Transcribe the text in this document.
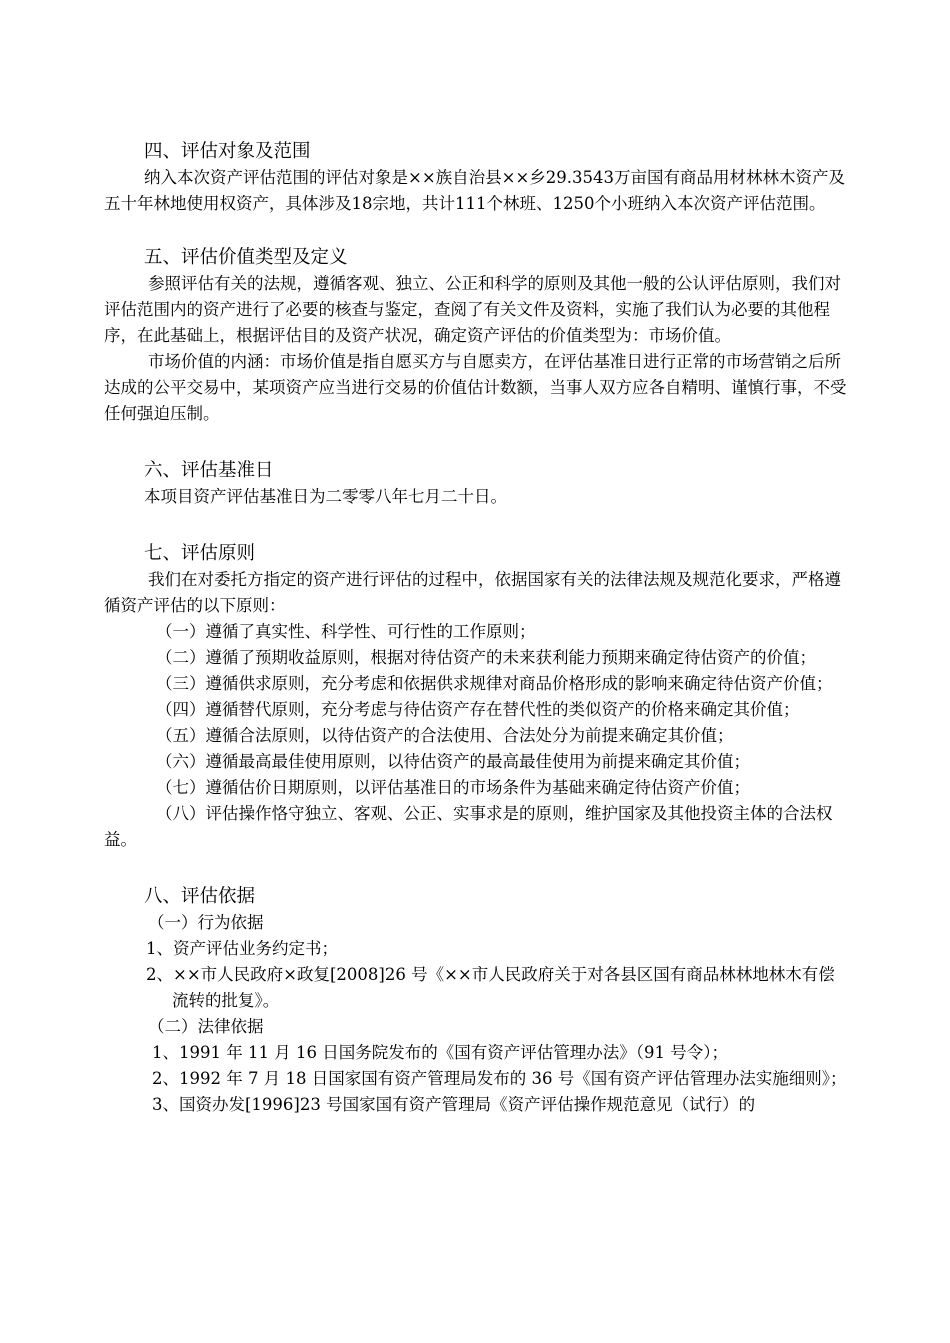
四、评估对象及范围
纳入本次资产评估范围的评估对象是××族自治县××乡29.3543万亩国有商品用材林林木资产及五十年林地使用权资产，具体涉及18宗地，共计111个林班、1250个小班纳入本次资产评估范围。
五、评估价值类型及定义
参照评估有关的法规，遵循客观、独立、公正和科学的原则及其他一般的公认评估原则，我们对评估范围内的资产进行了必要的核查与鉴定，查阅了有关文件及资料，实施了我们认为必要的其他程序，在此基础上，根据评估目的及资产状况，确定资产评估的价值类型为：市场价值。
市场价值的内涵：市场价值是指自愿买方与自愿卖方，在评估基准日进行正常的市场营销之后所达成的公平交易中，某项资产应当进行交易的价值估计数额，当事人双方应各自精明、谨慎行事，不受任何强迫压制。
六、评估基准日
本项目资产评估基准日为二零零八年七月二十日。
七、评估原则
我们在对委托方指定的资产进行评估的过程中，依据国家有关的法律法规及规范化要求，严格遵循资产评估的以下原则：
（一）遵循了真实性、科学性、可行性的工作原则；
（二）遵循了预期收益原则，根据对待估资产的未来获利能力预期来确定待估资产的价值；
（三）遵循供求原则，充分考虑和依据供求规律对商品价格形成的影响来确定待估资产价值；
（四）遵循替代原则，充分考虑与待估资产存在替代性的类似资产的价格来确定其价值；
（五）遵循合法原则，以待估资产的合法使用、合法处分为前提来确定其价值；
（六）遵循最高最佳使用原则，以待估资产的最高最佳使用为前提来确定其价值；
（七）遵循估价日期原则，以评估基准日的市场条件为基础来确定待估资产价值；
（八）评估操作恪守独立、客观、公正、实事求是的原则，维护国家及其他投资主体的合法权益。
八、评估依据
（一）行为依据
1、资产评估业务约定书；
2、××市人民政府×政复[2008]26 号《××市人民政府关于对各县区国有商品林林地林木有偿流转的批复》。
（二）法律依据
1、1991 年 11 月 16 日国务院发布的《国有资产评估管理办法》（91 号令）；
2、1992 年 7 月 18 日国家国有资产管理局发布的 36 号《国有资产评估管理办法实施细则》；
3、国资办发[1996]23 号国家国有资产管理局《资产评估操作规范意见（试行）的
